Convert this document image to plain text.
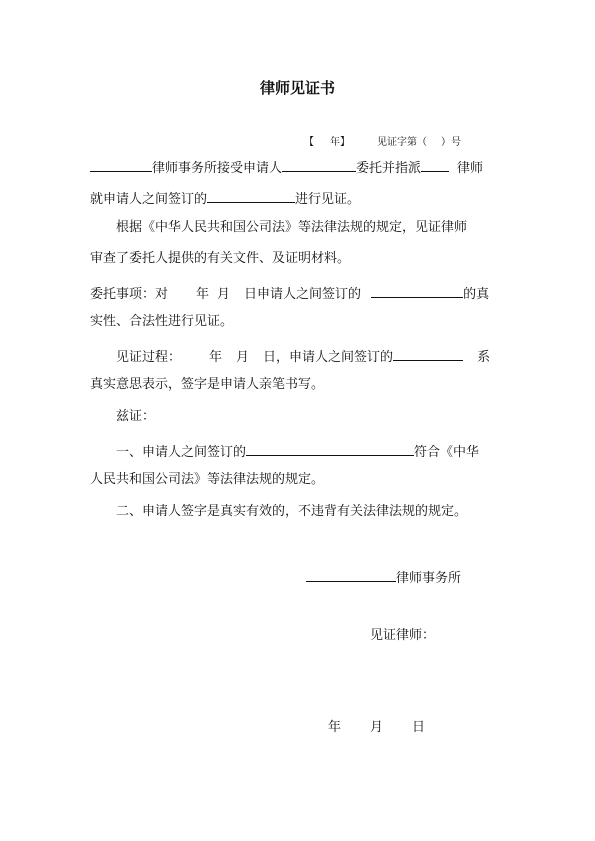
律师见证书
【 年】	见证字第（ ）号
律师事务所接受申请人	委托并指派	律师
就申请人之间签订的	进行见证。
根据《中华人民共和国公司法》等法律法规的规定，见证律师
审查了委托人提供的有关文件、及证明材料。
委托事项：对 年 月 日申请人之间签订的	的真
实性、合法性进行见证。
见证过程： 年 月 日，申请人之间签订的	系
真实意思表示，签字是申请人亲笔书写。
兹证：
一、申请人之间签订的	符合《中华
人民共和国公司法》等法律法规的规定。
二、申请人签字是真实有效的，不违背有关法律法规的规定。
律师事务所
见证律师：
年 月 日
